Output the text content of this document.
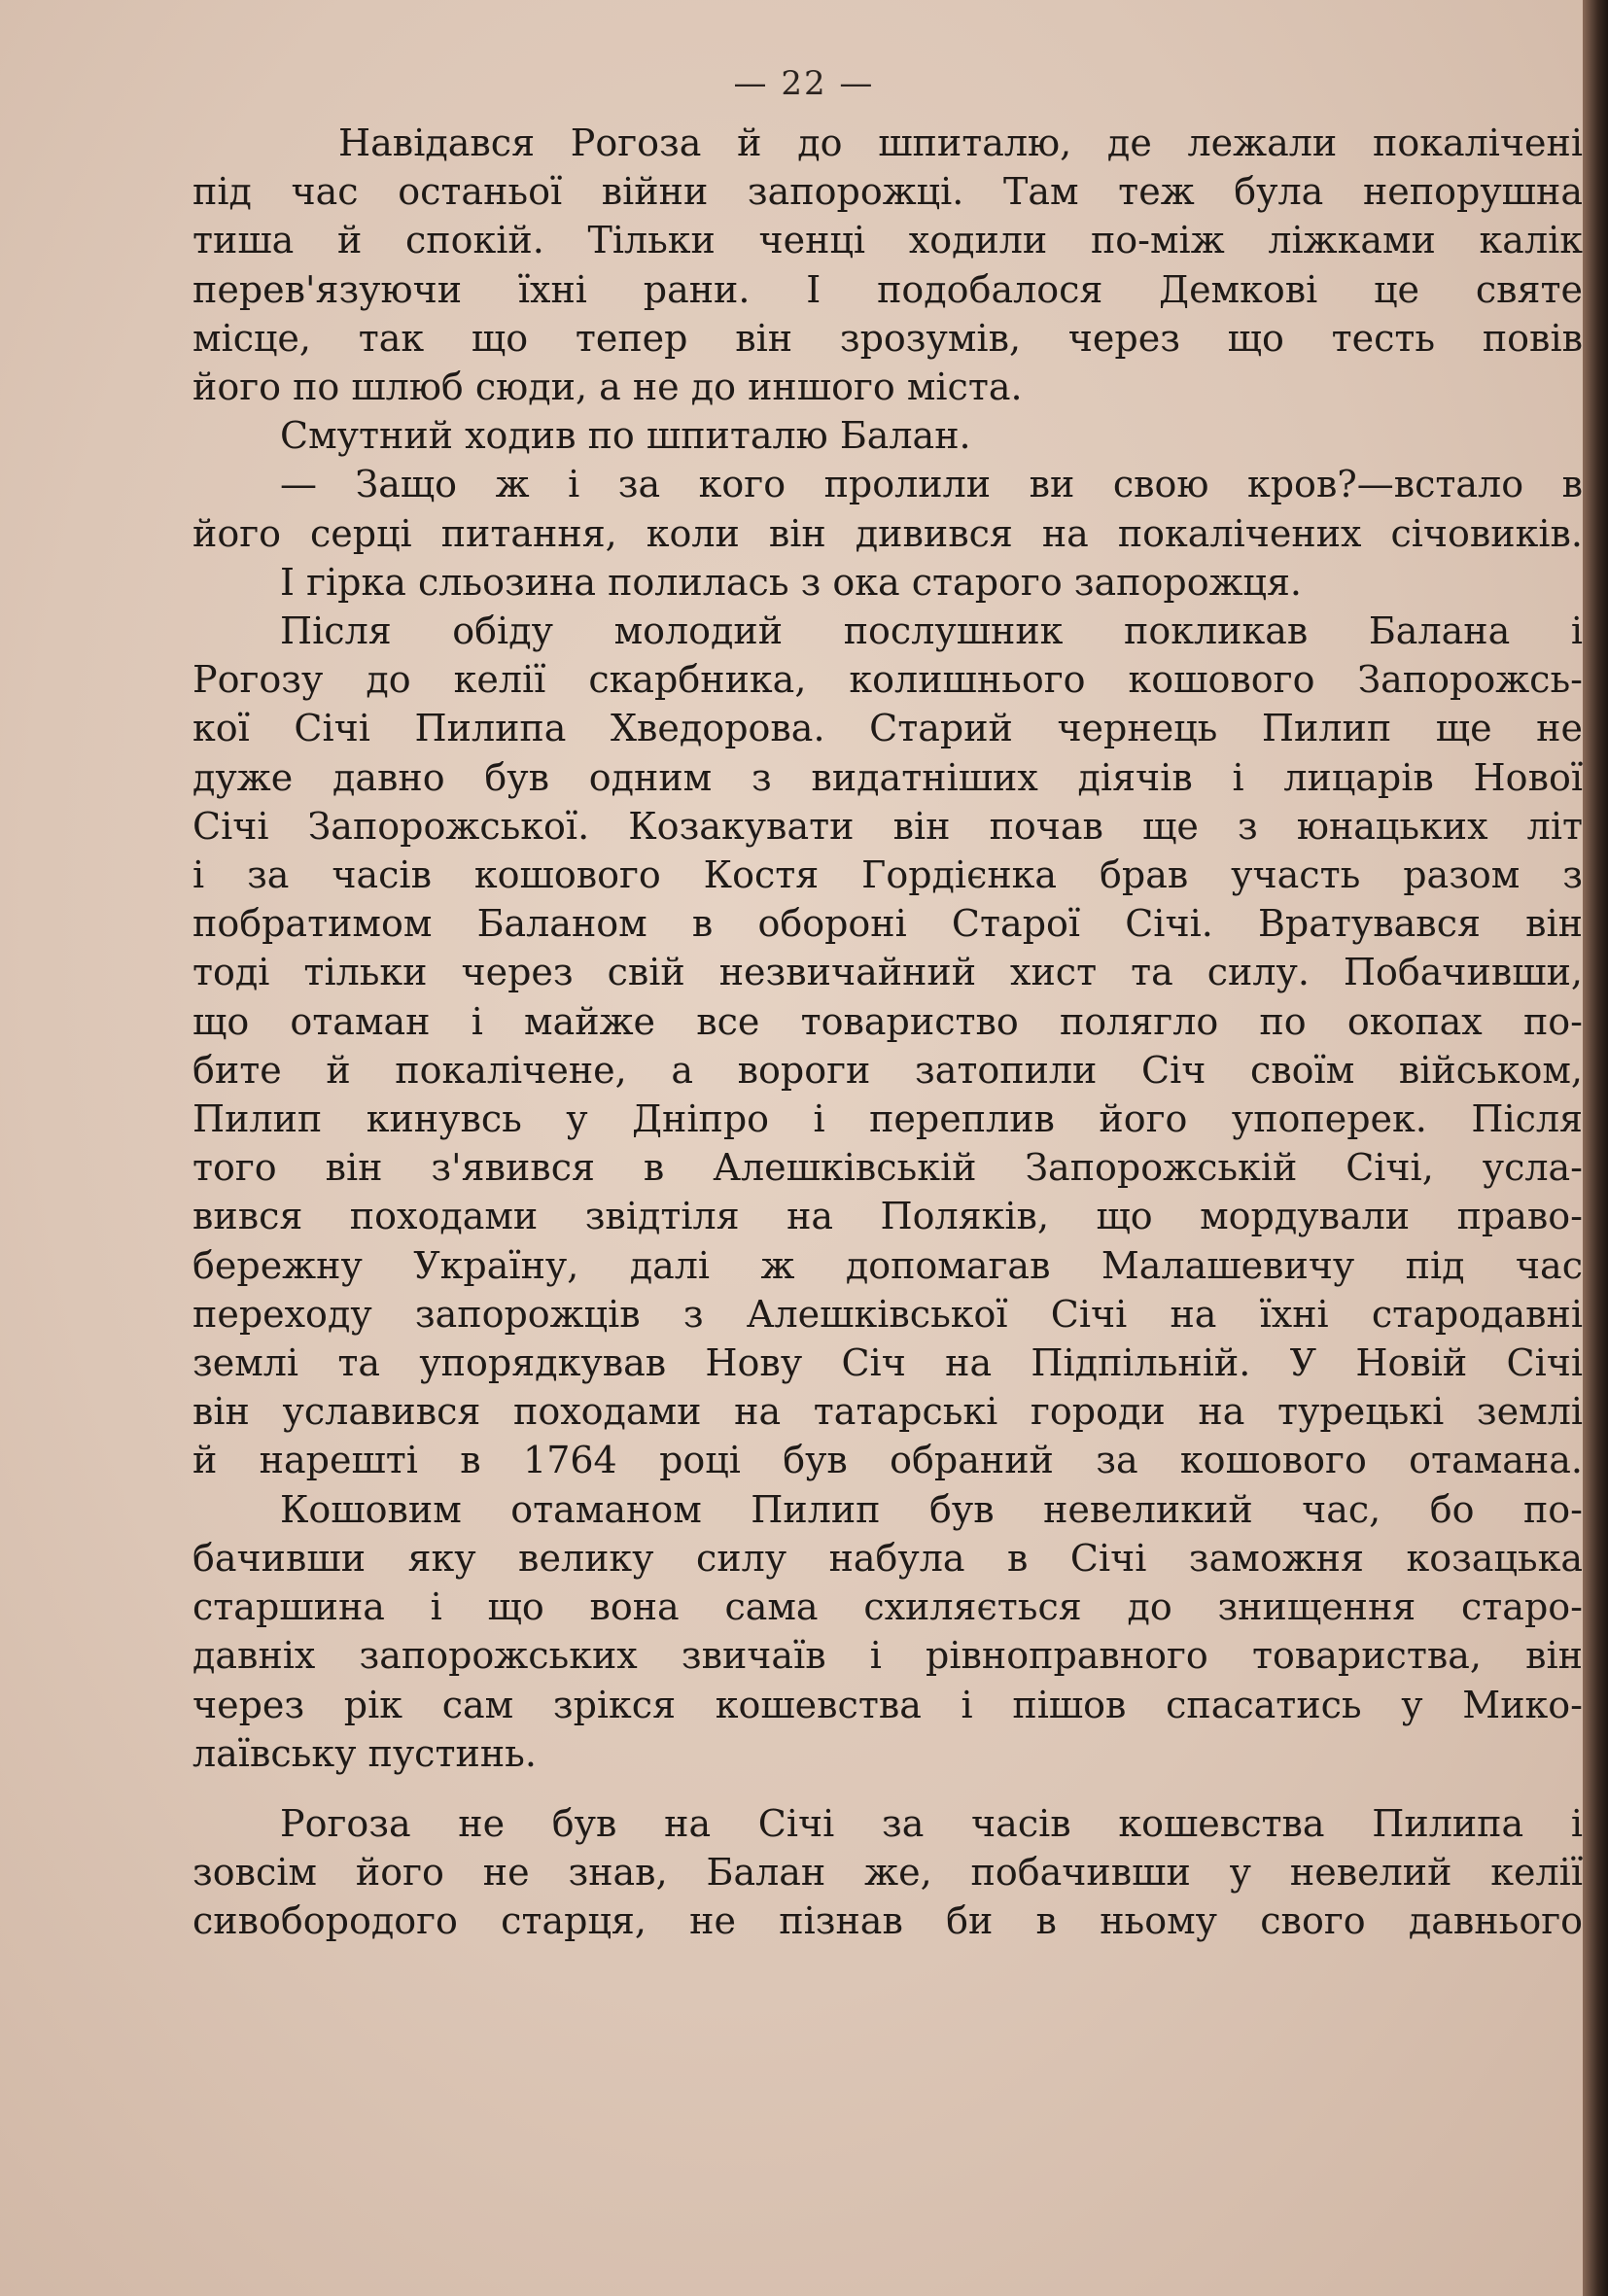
— 22 —
Навідався Рогоза й до шпиталю, де лежали покалічені
під час останьої війни запорожці. Там теж була непорушна
тиша й спокій. Тільки ченці ходили по-між ліжками калік
перев'язуючи їхні рани. І подобалося Демкові це святе
місце, так що тепер він зрозумів, через що тесть повів
його по шлюб сюди, а не до иншого міста.
Смутний ходив по шпиталю Балан.
— Защо ж і за кого пролили ви свою кров?—встало в
його серці питання, коли він дивився на покалічених січовиків.
І гірка сльозина полилась з ока старого запорожця.
Після обіду молодий послушник покликав Балана і
Рогозу до келії скарбника, колишнього кошового Запорожсь-
кої Січі Пилипа Хведорова. Старий чернець Пилип ще не
дуже давно був одним з видатніших діячів і лицарів Нової
Січі Запорожської. Козакувати він почав ще з юнацьких літ
і за часів кошового Костя Гордієнка брав участь разом з
побратимом Баланом в обороні Старої Січі. Вратувався він
тоді тільки через свій незвичайний хист та силу. Побачивши,
що отаман і майже все товариство полягло по окопах по-
бите й покалічене, а вороги затопили Січ своїм військом,
Пилип кинувсь у Дніпро і переплив його упоперек. Після
того він з'явився в Алешківській Запорожській Січі, усла-
вився походами звідтіля на Поляків, що мордували право-
бережну Україну, далі ж допомагав Малашевичу під час
переходу запорожців з Алешківської Січі на їхні стародавні
землі та упорядкував Нову Січ на Підпільній. У Новій Січі
він уславився походами на татарські городи на турецькі землі
й нарешті в 1764 році був обраний за кошового отамана.
Кошовим отаманом Пилип був невеликий час, бо по-
бачивши яку велику силу набула в Січі заможня козацька
старшина і що вона сама схиляється до знищення старо-
давніх запорожських звичаїв і рівноправного товариства, він
через рік сам зрікся кошевства і пішов спасатись у Мико-
лаївську пустинь.
Рогоза не був на Січі за часів кошевства Пилипа і
зовсім його не знав, Балан же, побачивши у невелий келії
сивобородого старця, не пізнав би в ньому свого давнього
